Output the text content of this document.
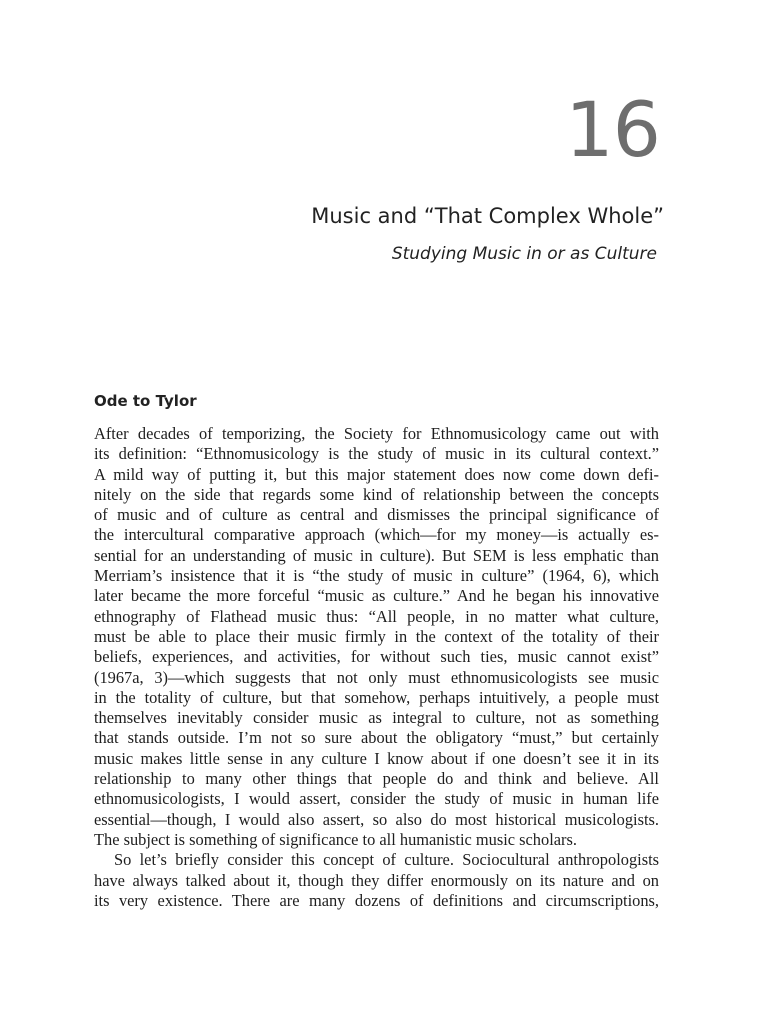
16
Music and “That Complex Whole”
Studying Music in or as Culture
Ode to Tylor
After decades of temporizing, the Society for Ethnomusicology came out with
its definition: “Ethnomusicology is the study of music in its cultural context.”
A mild way of putting it, but this major statement does now come down defi-
nitely on the side that regards some kind of relationship between the concepts
of music and of culture as central and dismisses the principal significance of
the intercultural comparative approach (which—for my money—is actually es-
sential for an understanding of music in culture). But SEM is less emphatic than
Merriam’s insistence that it is “the study of music in culture” (1964, 6), which
later became the more forceful “music as culture.” And he began his innovative
ethnography of Flathead music thus: “All people, in no matter what culture,
must be able to place their music firmly in the context of the totality of their
beliefs, experiences, and activities, for without such ties, music cannot exist”
(1967a, 3)—which suggests that not only must ethnomusicologists see music
in the totality of culture, but that somehow, perhaps intuitively, a people must
themselves inevitably consider music as integral to culture, not as something
that stands outside. I’m not so sure about the obligatory “must,” but certainly
music makes little sense in any culture I know about if one doesn’t see it in its
relationship to many other things that people do and think and believe. All
ethnomusicologists, I would assert, consider the study of music in human life
essential—though, I would also assert, so also do most historical musicologists.
The subject is something of significance to all humanistic music scholars.
So let’s briefly consider this concept of culture. Sociocultural anthropologists
have always talked about it, though they differ enormously on its nature and on
its very existence. There are many dozens of definitions and circumscriptions,
